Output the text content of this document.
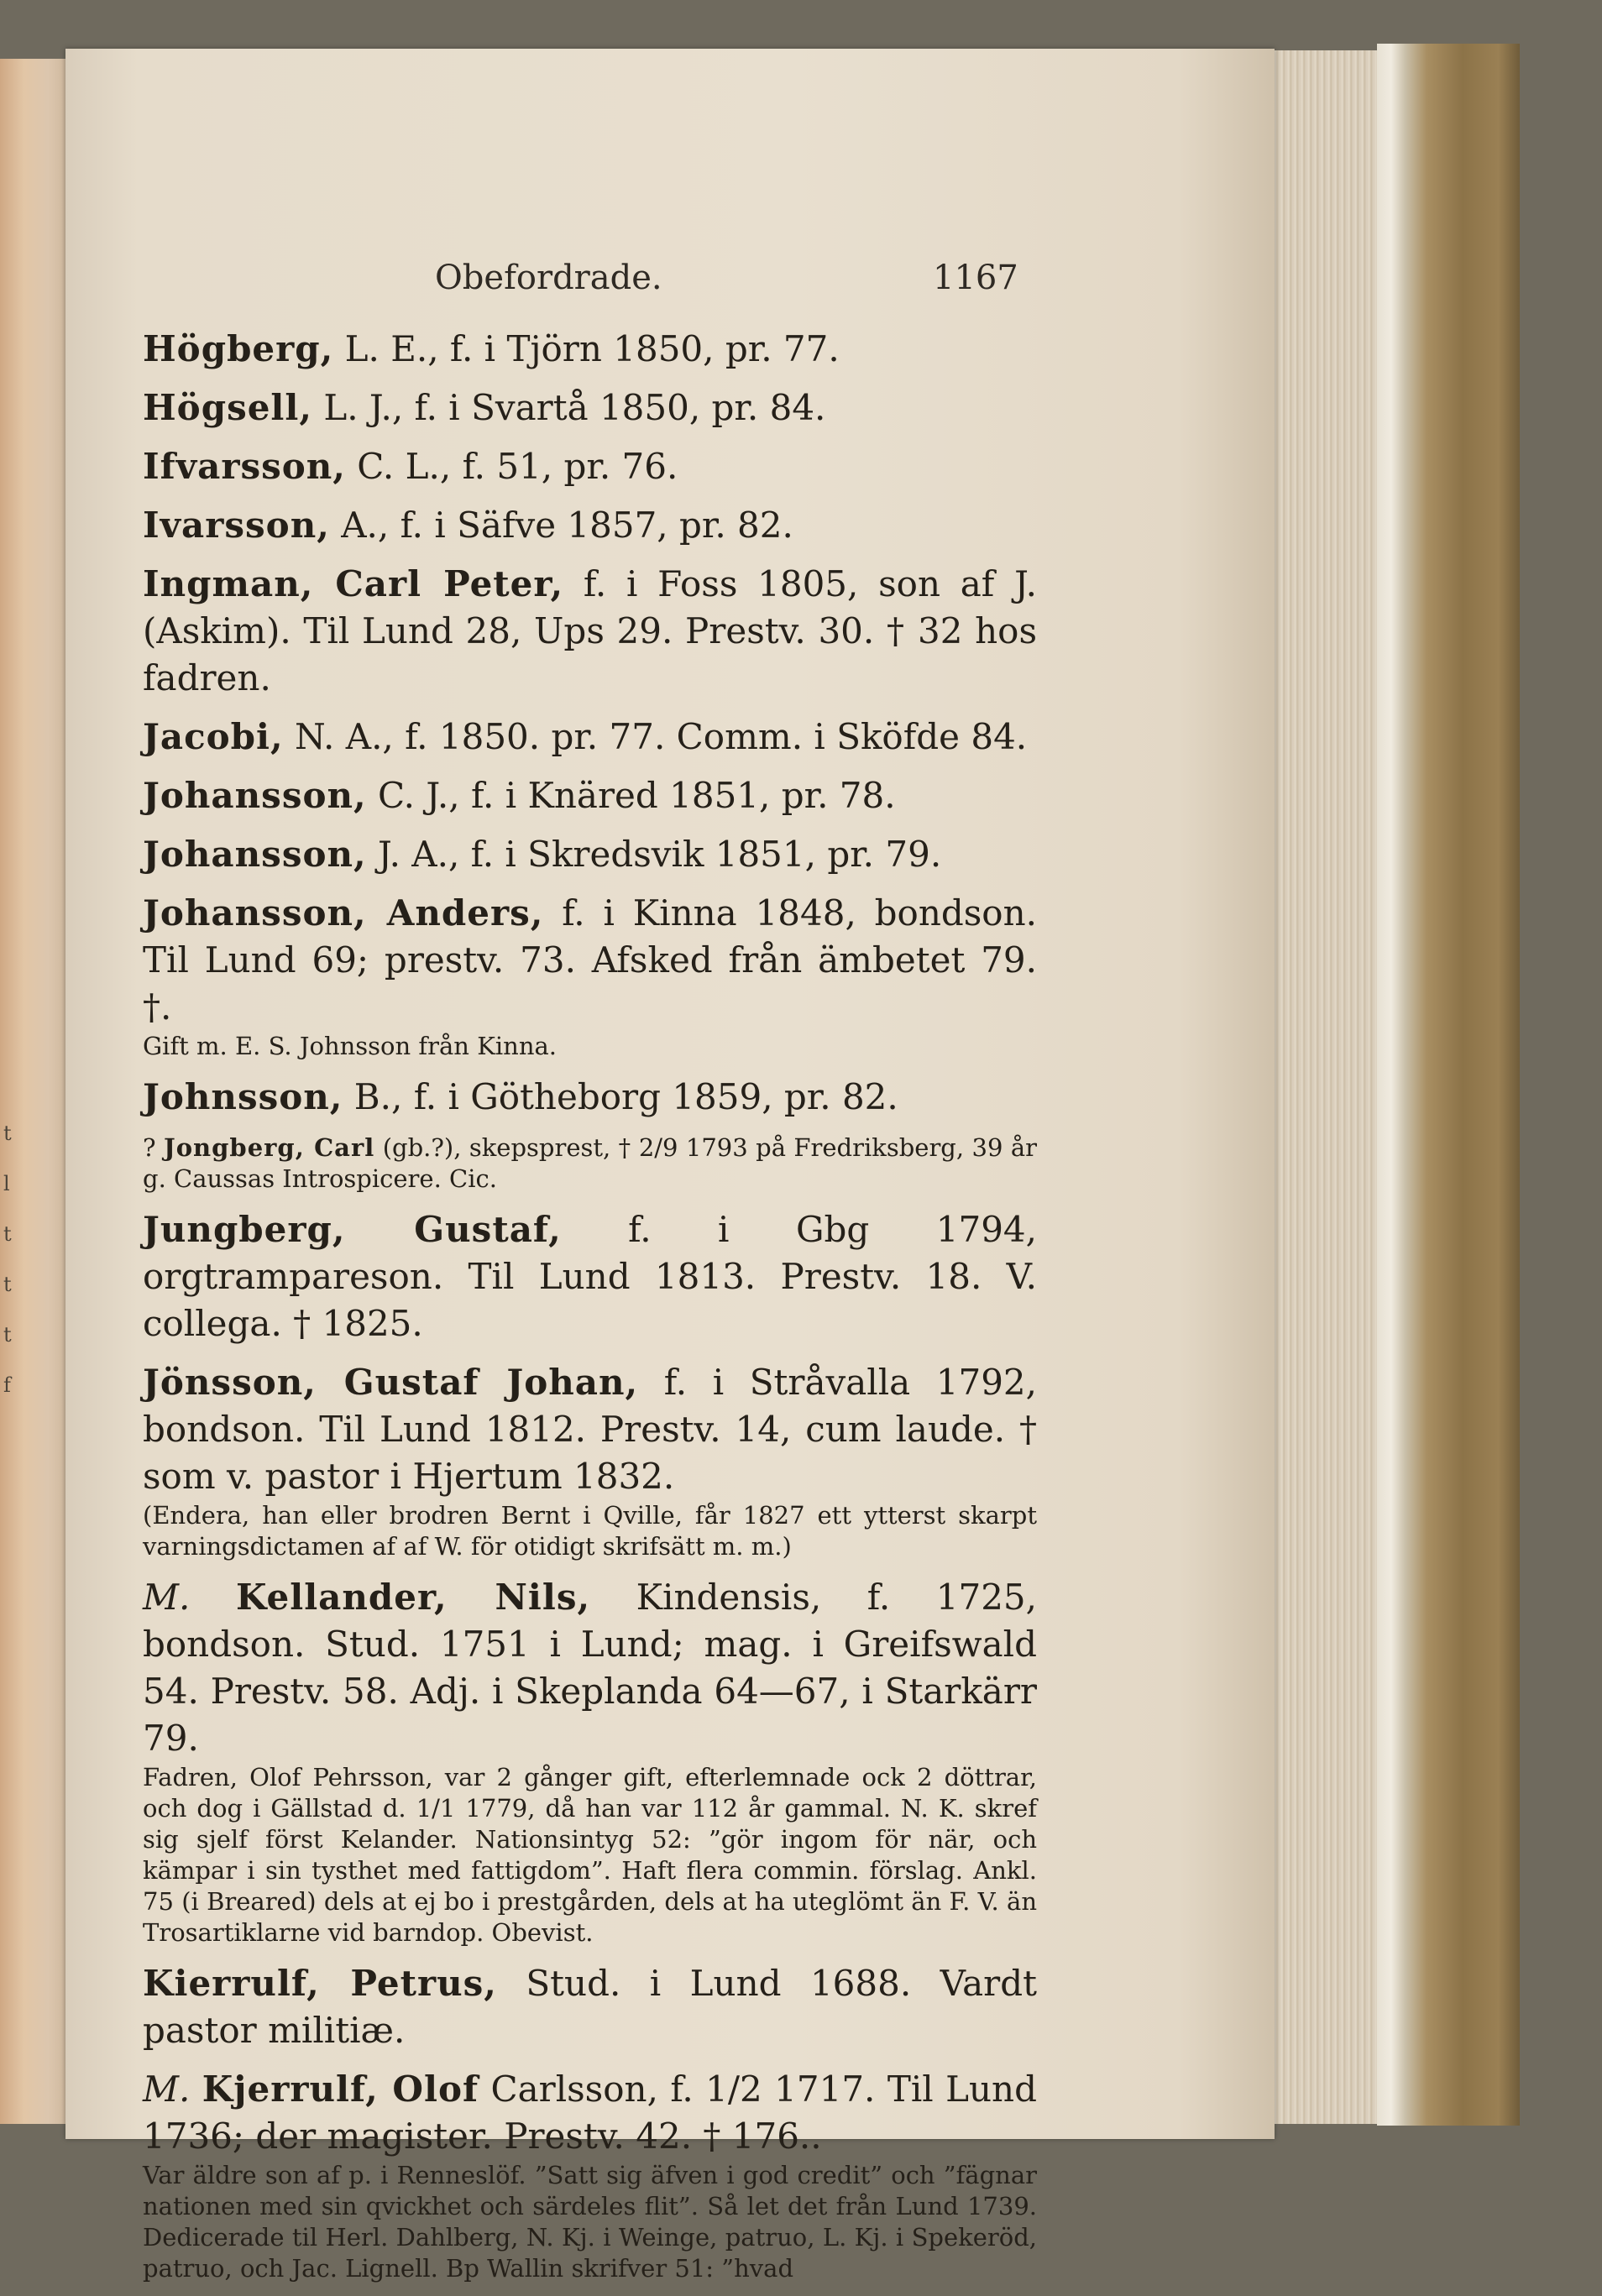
t
l
t
t
t
f
Obefordrade.	1167

Högberg, L. E., f. i Tjörn 1850, pr. 77.

Högsell, L. J., f. i Svartå 1850, pr. 84.

Ifvarsson, C. L., f. 51, pr. 76.

Ivarsson, A., f. i Säfve 1857, pr. 82.

Ingman, Carl Peter, f. i Foss 1805, son af J. (Askim). Til Lund 28, Ups 29. Prestv. 30. † 32 hos fadren.

Jacobi, N. A., f. 1850. pr. 77. Comm. i Sköfde 84.

Johansson, C. J., f. i Knäred 1851, pr. 78.

Johansson, J. A., f. i Skredsvik 1851, pr. 79.

Johansson, Anders, f. i Kinna 1848, bondson. Til Lund 69; prestv. 73. Afsked från ämbetet 79. †.

Gift m. E. S. Johnsson från Kinna.

Johnsson, B., f. i Götheborg 1859, pr. 82.

? Jongberg, Carl (gb.?), skepsprest, † 2/9 1793 på Fredriksberg, 39 år g. Caussas Introspicere. Cic.

Jungberg, Gustaf, f. i Gbg 1794, orgtrampareson. Til Lund 1813. Prestv. 18. V. collega. † 1825.

Jönsson, Gustaf Johan, f. i Stråvalla 1792, bondson. Til Lund 1812. Prestv. 14, cum laude. † som v. pastor i Hjertum 1832.

(Endera, han eller brodren Bernt i Qville, får 1827 ett ytterst skarpt varningsdictamen af af W. för otidigt skrifsätt m. m.)

M. Kellander, Nils, Kindensis, f. 1725, bondson. Stud. 1751 i Lund; mag. i Greifswald 54. Prestv. 58. Adj. i Skeplanda 64—67, i Starkärr 79.

Fadren, Olof Pehrsson, var 2 gånger gift, efterlemnade ock 2 döttrar, och dog i Gällstad d. 1/1 1779, då han var 112 år gammal. N. K. skref sig sjelf först Kelander. Nationsintyg 52: ”gör ingom för när, och kämpar i sin tysthet med fattigdom”. Haft flera commin. förslag. Ankl. 75 (i Breared) dels at ej bo i prestgården, dels at ha uteglömt än F. V. än Trosartiklarne vid barndop. Obevist.

Kierrulf, Petrus, Stud. i Lund 1688. Vardt pastor militiæ.

M. Kjerrulf, Olof Carlsson, f. 1/2 1717. Til Lund 1736; der magister. Prestv. 42. † 176..

Var äldre son af p. i Renneslöf. ”Satt sig äfven i god credit” och ”fägnar nationen med sin qvickhet och särdeles flit”. Så let det från Lund 1739. Dedicerade til Herl. Dahlberg, N. Kj. i Weinge, patruo, L. Kj. i Spekeröd, patruo, och Jac. Lignell. Bp Wallin skrifver 51: ”hvad
